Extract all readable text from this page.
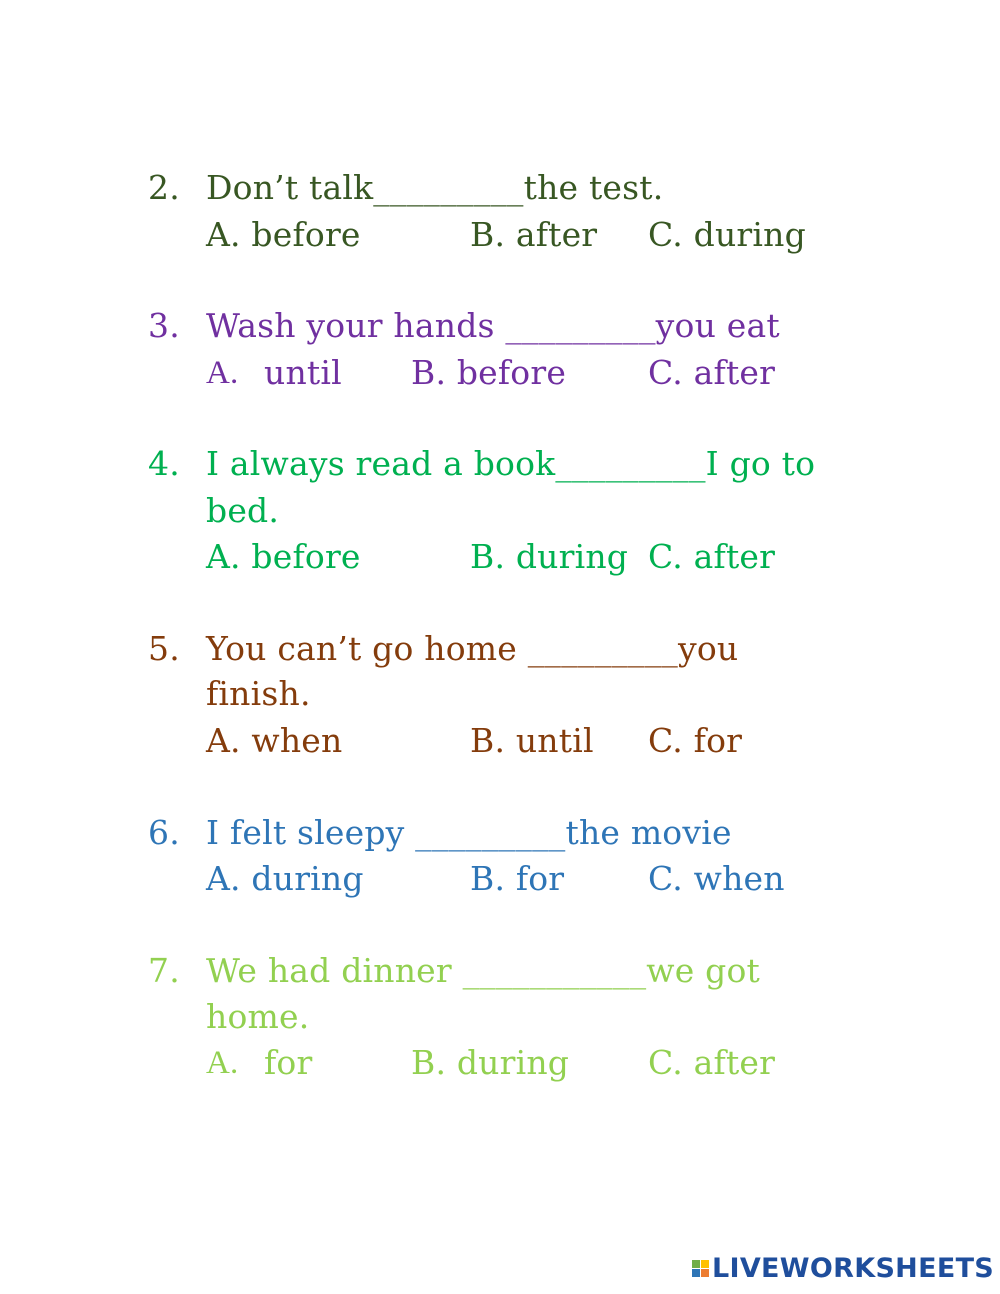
2. Don’t talk_________the test.
A. before	B. after C. during
3. Wash your hands _________you eat
A. until B. before C. after
4. I always read a book_________I go to
bed.
A. before	B. during C. after
5. You can’t go home _________you
finish.
A. when	B. until C. for
6. I felt sleepy _________the movie
A. during	B. for	C. when
7. We had dinner ___________we got
home.
A. for	B. during C. after
LIVEWORKSHEETS
